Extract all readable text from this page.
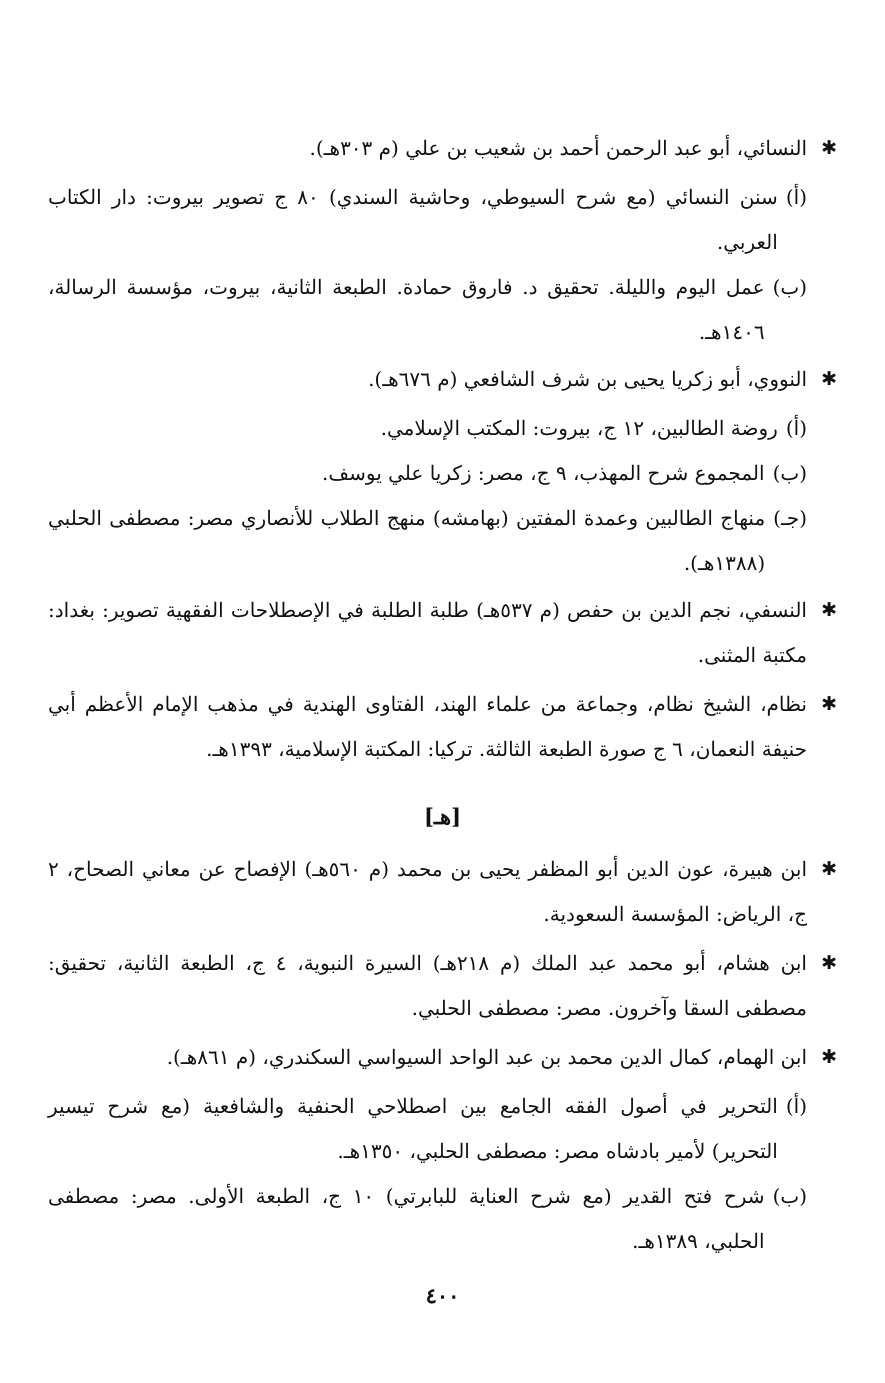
✱
النسائي، أبو عبد الرحمن أحمد بن شعيب بن علي (م ٣٠٣هـ).
(أ)
سنن النسائي (مع شرح السيوطي، وحاشية السندي) ٨٠ ج تصوير بيروت: دار الكتاب العربي.
(ب)
عمل اليوم والليلة. تحقيق د. فاروق حمادة. الطبعة الثانية، بيروت، مؤسسة الرسالة، ١٤٠٦هـ.
✱
النووي، أبو زكريا يحيى بن شرف الشافعي (م ٦٧٦هـ).
(أ)
روضة الطالبين، ١٢ ج، بيروت: المكتب الإسلامي.
(ب)
المجموع شرح المهذب، ٩ ج، مصر: زكريا علي يوسف.
(جـ)
منهاج الطالبين وعمدة المفتين (بهامشه) منهج الطلاب للأنصاري مصر: مصطفى الحلبي (١٣٨٨هـ).
✱
النسفي، نجم الدين بن حفص (م ٥٣٧هـ) طلبة الطلبة في الإصطلاحات الفقهية تصوير: بغداد: مكتبة المثنى.
✱
نظام، الشيخ نظام، وجماعة من علماء الهند، الفتاوى الهندية في مذهب الإمام الأعظم أبي حنيفة النعمان، ٦ ج صورة الطبعة الثالثة. تركيا: المكتبة الإسلامية، ١٣٩٣هـ.
[هـ]
✱
ابن هبيرة، عون الدين أبو المظفر يحيى بن محمد (م ٥٦٠هـ) الإفصاح عن معاني الصحاح، ٢ ج، الرياض: المؤسسة السعودية.
✱
ابن هشام، أبو محمد عبد الملك (م ٢١٨هـ) السيرة النبوية، ٤ ج، الطبعة الثانية، تحقيق: مصطفى السقا وآخرون. مصر: مصطفى الحلبي.
✱
ابن الهمام، كمال الدين محمد بن عبد الواحد السيواسي السكندري، (م ٨٦١هـ).
(أ)
التحرير في أصول الفقه الجامع بين اصطلاحي الحنفية والشافعية (مع شرح تيسير التحرير) لأمير بادشاه مصر: مصطفى الحلبي، ١٣٥٠هـ.
(ب)
شرح فتح القدير (مع شرح العناية للبابرتي) ١٠ ج، الطبعة الأولى. مصر: مصطفى الحلبي، ١٣٨٩هـ.
٤٠٠
